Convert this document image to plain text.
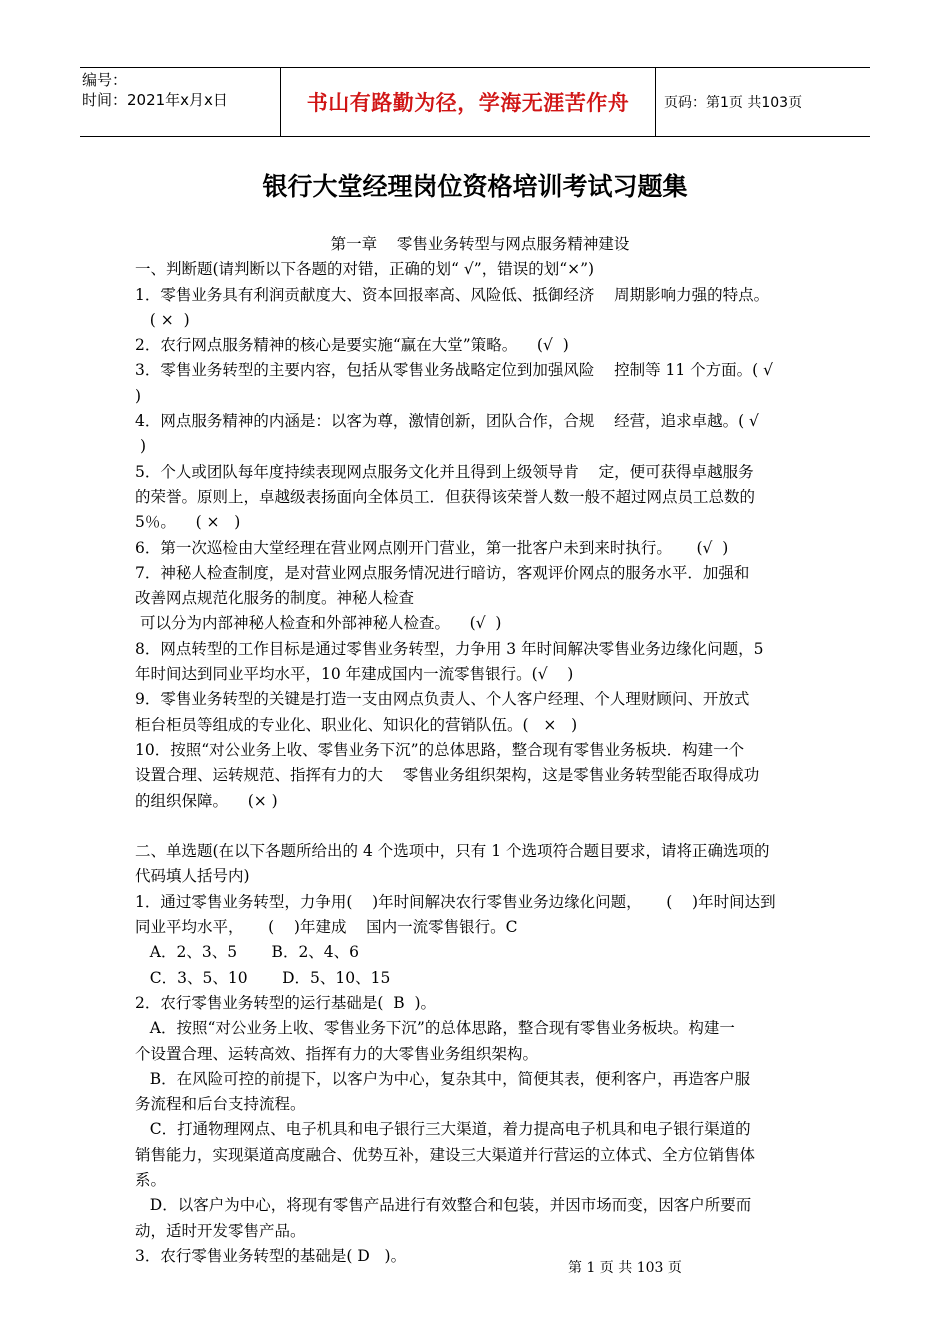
编号：
时间：2021年x月x日	书山有路勤为径，学海无涯苦作舟 页码：第1页 共103页
银行大堂经理岗位资格培训考试习题集
第一章    零售业务转型与网点服务精神建设
一、判断题(请判断以下各题的对错，正确的划“ √”，错误的划“×”)
1．零售业务具有利润贡献度大、资本回报率高、风险低、抵御经济    周期影响力强的特点。
( ×  )
2．农行网点服务精神的核心是要实施“赢在大堂”策略。    (√  )
3．零售业务转型的主要内容，包括从零售业务战略定位到加强风险    控制等 11 个方面。( √
)
4．网点服务精神的内涵是：以客为尊，激情创新，团队合作，合规    经营，追求卓越。( √
)
5．个人或团队每年度持续表现网点服务文化并且得到上级领导肯    定，便可获得卓越服务
的荣誉。原则上，卓越级表扬面向全体员工．但获得该荣誉人数一般不超过网点员工总数的
5％。    ( ×   )
6．第一次巡检由大堂经理在营业网点刚开门营业，第一批客户未到来时执行。     (√  )
7．神秘人检查制度，是对营业网点服务情况进行暗访，客观评价网点的服务水平．加强和
改善网点规范化服务的制度。神秘人检查
可以分为内部神秘人检查和外部神秘人检查。    (√  )
8．网点转型的工作目标是通过零售业务转型，力争用 3 年时间解决零售业务边缘化问题，5
年时间达到同业平均水平，10 年建成国内一流零售银行。(√    )
9．零售业务转型的关键是打造一支由网点负责人、个人客户经理、个人理财顾问、开放式
柜台柜员等组成的专业化、职业化、知识化的营销队伍。(   ×   )
10．按照“对公业务上收、零售业务下沉”的总体思路，整合现有零售业务板块．构建一个
设置合理、运转规范、指挥有力的大    零售业务组织架构，这是零售业务转型能否取得成功
的组织保障。    (× )
二、单选题(在以下各题所给出的 4 个选项中，只有 1 个选项符合题目要求，请将正确选项的
代码填人括号内)
1．通过零售业务转型，力争用(    )年时间解决农行零售业务边缘化问题，     (    )年时间达到
同业平均水平，     (    )年建成    国内一流零售银行。C
A．2、3、5       B．2、4、6
C．3、5、10       D．5、10、15
2．农行零售业务转型的运行基础是(  B  )。
A．按照“对公业务上收、零售业务下沉”的总体思路，整合现有零售业务板块。构建一
个设置合理、运转高效、指挥有力的大零售业务组织架构。
B．在风险可控的前提下，以客户为中心，复杂其中，简便其表，便利客户，再造客户服
务流程和后台支持流程。
C．打通物理网点、电子机具和电子银行三大渠道，着力提高电子机具和电子银行渠道的
销售能力，实现渠道高度融合、优势互补，建设三大渠道并行营运的立体式、全方位销售体
系。
D．以客户为中心，将现有零售产品进行有效整合和包装，并因市场而变，因客户所要而
动，适时开发零售产品。
3．农行零售业务转型的基础是( D   )。
第 1 页 共 103 页
